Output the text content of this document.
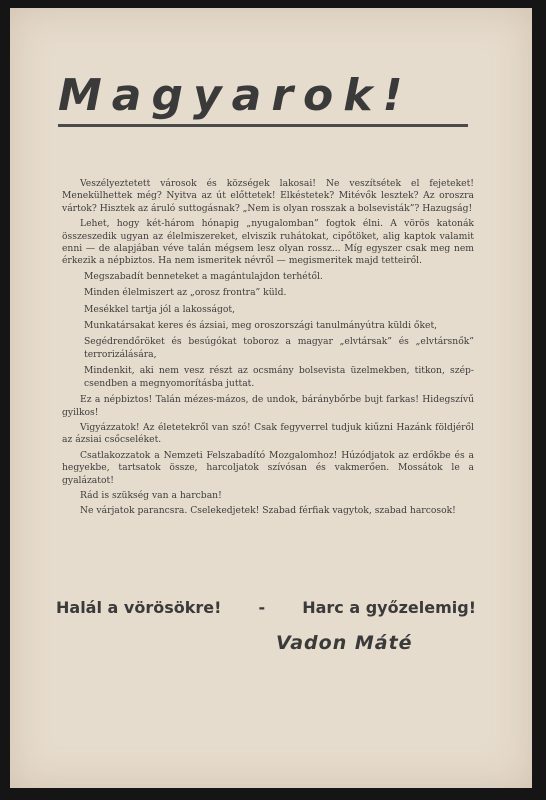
Magyarok!

Veszélyeztetett városok és községek lakosai! Ne veszítsétek el fejeteket! Menekülhettek még? Nyitva az út előttetek! Elkéstetek? Mitévők lesztek? Az oroszra vártok? Hisztek az áruló suttogásnak? „Nem is olyan rosszak a bolsevisták”? Hazugság!

Lehet, hogy két-három hónapig „nyugalomban” fogtok élni. A vörös katonák összeszedik ugyan az élelmiszereket, elviszik ruhátokat, cipőtöket, alig kaptok valamit enni — de alapjában véve talán mégsem lesz olyan rossz... Míg egyszer csak meg nem érkezik a népbiztos. Ha nem ismeritek névről — megismeritek majd tetteiről.

Megszabadít benneteket a magántulajdon terhétől.

Minden élelmiszert az „orosz frontra” küld.

Mesékkel tartja jól a lakosságot,

Munkatársakat keres és ázsiai, meg oroszországi tanulmányútra küldi őket,

Segédrendőröket és besúgókat toboroz a magyar „elvtársak” és „elvtársnők” terrorizálására,

Mindenkit, aki nem vesz részt az ocsmány bolsevista üzelmekben, titkon, szép-csendben a megnyomorításba juttat.

Ez a népbiztos! Talán mézes-mázos, de undok, báránybőrbe bujt farkas! Hidegszívű gyilkos!

Vigyázzatok! Az életetekről van szó! Csak fegyverrel tudjuk kiűzni Hazánk földjéről az ázsiai csőcseléket.

Csatlakozzatok a Nemzeti Felszabadító Mozgalomhoz! Húzódjatok az erdőkbe és a hegyekbe, tartsatok össze, harcoljatok szívósan és vakmerően. Mossátok le a gyalázatot!

Rád is szükség van a harcban!

Ne várjatok parancsra. Cselekedjetek! Szabad férfiak vagytok, szabad harcosok!

Halál a vörösökre! - Harc a győzelemig!
Vadon Máté
